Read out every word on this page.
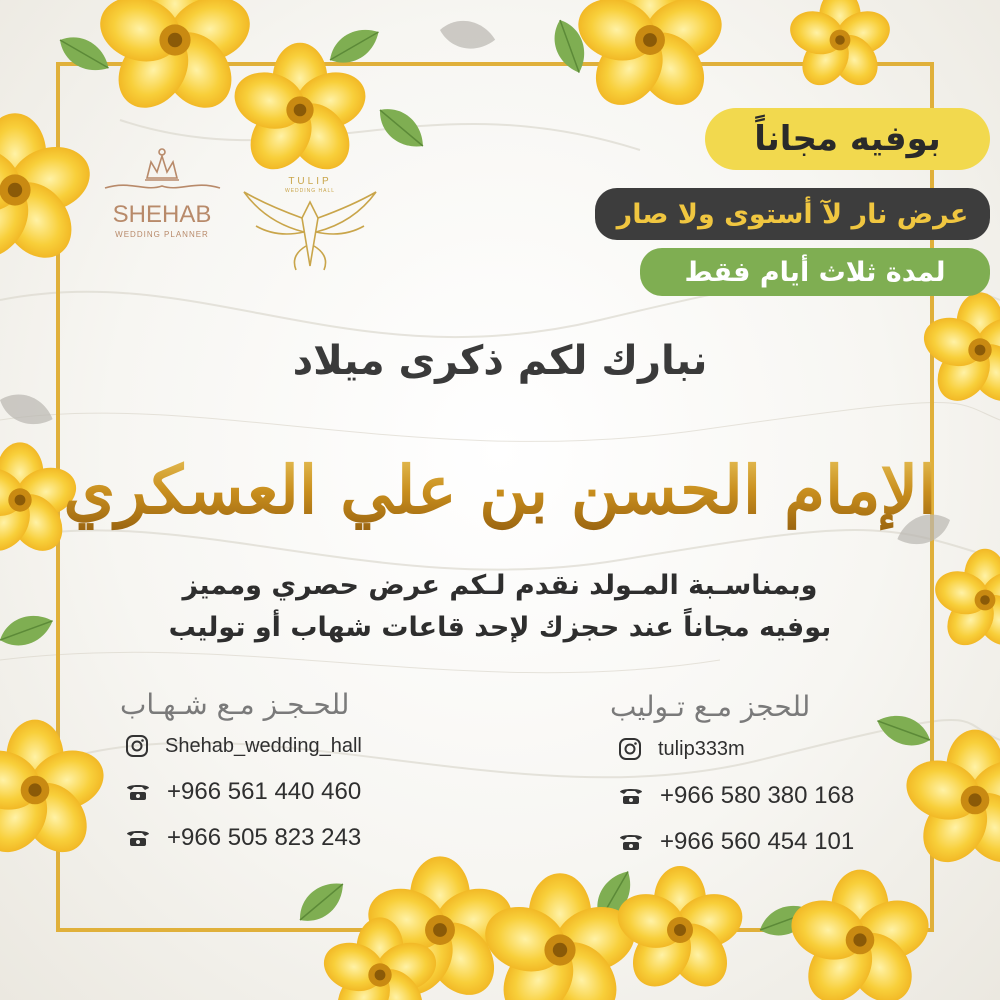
SHEHAB
WEDDING PLANNER
TULIP
WEDDING HALL
بوفيه مجاناً
عرض نار لآ أستوى ولا صار
لمدة ثلاث أيام فقط
نبارك لكم ذكرى ميلاد
الإمام الحسن بن علي العسكري
وبمناسـبة المـولد نقدم لـكم عرض حصري ومميز
بوفيه مجاناً عند حجزك لإحد قاعات شهاب أو توليب
للحجز مـع تـوليب
tulip333m
+966 580 380 168
+966 560 454 101
للحـجـز مـع شـهـاب
Shehab_wedding_hall
+966 561 440 460
+966 505 823 243
